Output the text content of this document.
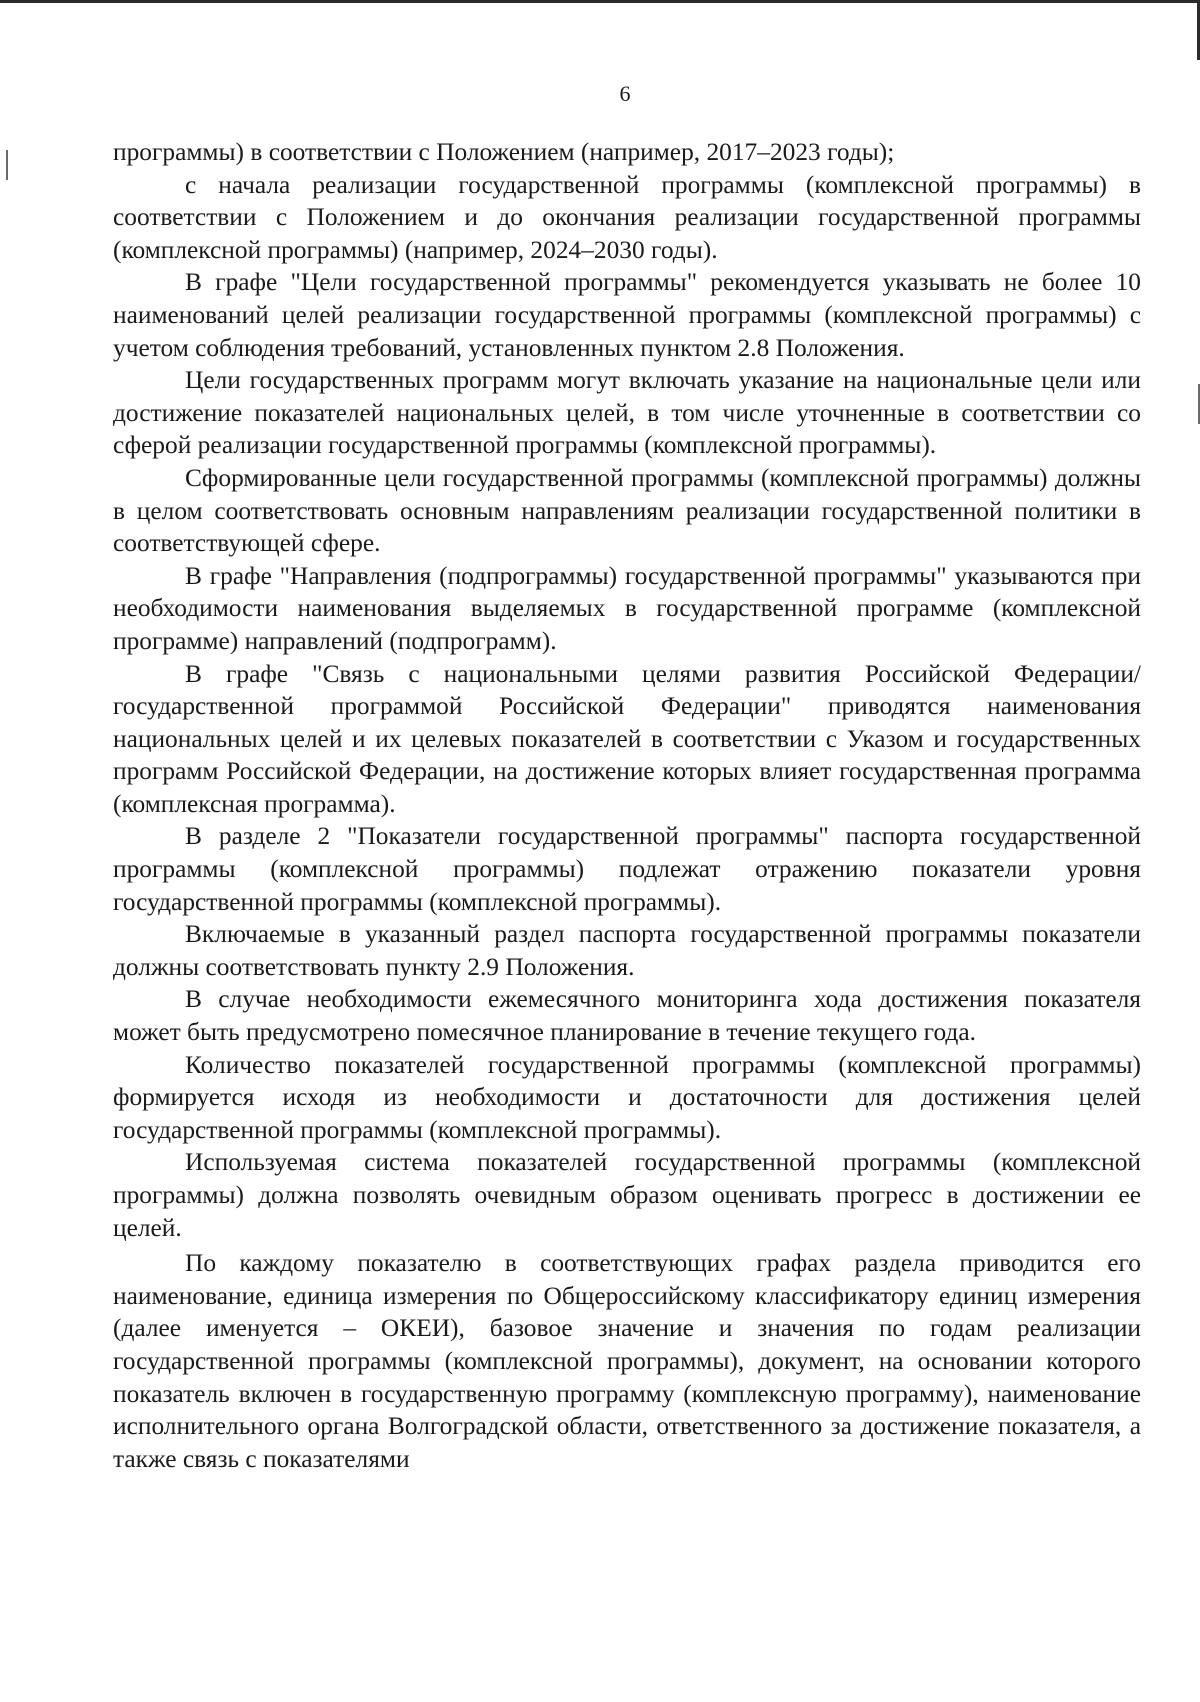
6

программы) в соответствии с Положением (например, 2017–2023 годы);

с начала реализации государственной программы (комплексной программы) в соответствии с Положением и до окончания реализации государственной программы (комплексной программы) (например, 2024–2030 годы).

В графе "Цели государственной программы" рекомендуется указывать не более 10 наименований целей реализации государственной программы (комплексной программы) с учетом соблюдения требований, установленных пунктом 2.8 Положения.

Цели государственных программ могут включать указание на национальные цели или достижение показателей национальных целей, в том числе уточненные в соответствии со сферой реализации государственной программы (комплексной программы).

Сформированные цели государственной программы (комплексной программы) должны в целом соответствовать основным направлениям реализации государственной политики в соответствующей сфере.

В графе "Направления (подпрограммы) государственной программы" указываются при необходимости наименования выделяемых в государственной программе (комплексной программе) направлений (подпрограмм).

В графе "Связь с национальными целями развития Российской Федерации/ государственной программой Российской Федерации" приводятся наименования национальных целей и их целевых показателей в соответствии с Указом и государственных программ Российской Федерации, на достижение которых влияет государственная программа (комплексная программа).

В разделе 2 "Показатели государственной программы" паспорта государственной программы (комплексной программы) подлежат отражению показатели уровня государственной программы (комплексной программы).

Включаемые в указанный раздел паспорта государственной программы показатели должны соответствовать пункту 2.9 Положения.

В случае необходимости ежемесячного мониторинга хода достижения показателя может быть предусмотрено помесячное планирование в течение текущего года.

Количество показателей государственной программы (комплексной программы) формируется исходя из необходимости и достаточности для достижения целей государственной программы (комплексной программы).

Используемая система показателей государственной программы (комплексной программы) должна позволять очевидным образом оценивать прогресс в достижении ее целей.

По каждому показателю в соответствующих графах раздела приводится его наименование, единица измерения по Общероссийскому классификатору единиц измерения (далее именуется – ОКЕИ), базовое значение и значения по годам реализации государственной программы (комплексной программы), документ, на основании которого показатель включен в государственную программу (комплексную программу), наименование исполнительного органа Волгоградской области, ответственного за достижение показателя, а также связь с показателями
